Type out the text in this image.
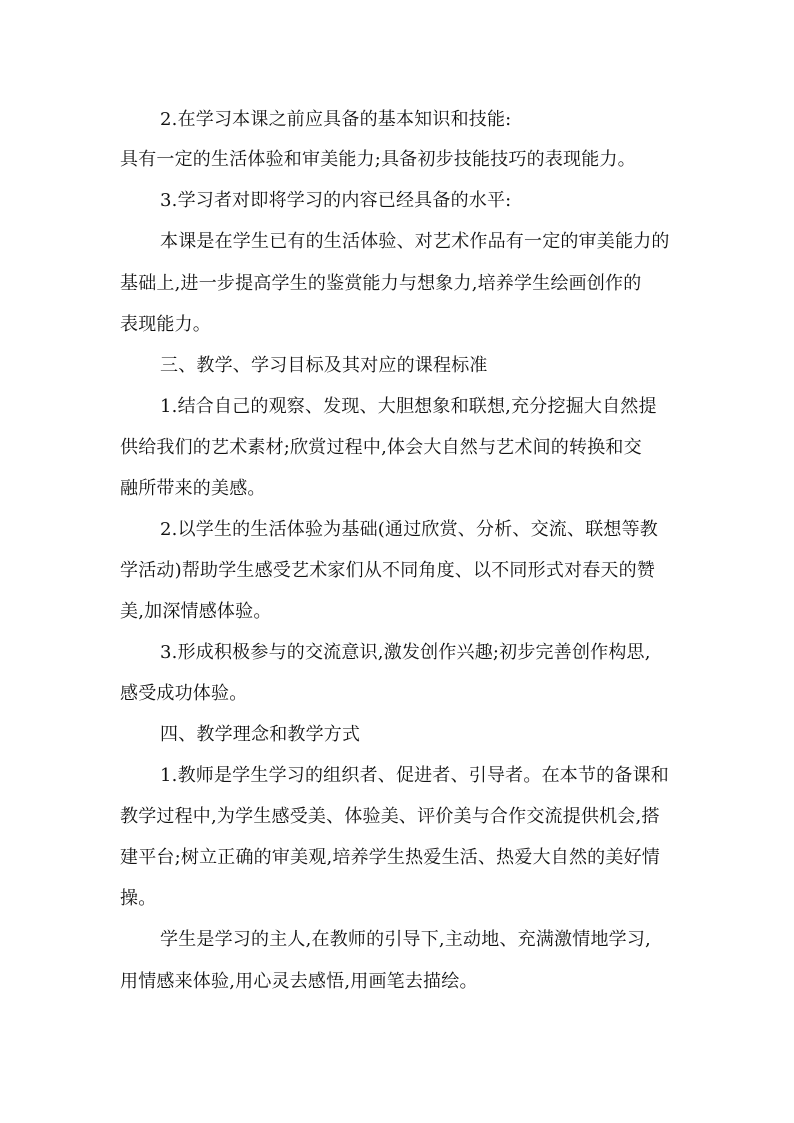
2.在学习本课之前应具备的基本知识和技能:
具有一定的生活体验和审美能力;具备初步技能技巧的表现能力。
3.学习者对即将学习的内容已经具备的水平:
本课是在学生已有的生活体验、对艺术作品有一定的审美能力的
基础上,进一步提高学生的鉴赏能力与想象力,培养学生绘画创作的
表现能力。
三、教学、学习目标及其对应的课程标准
1.结合自己的观察、发现、大胆想象和联想,充分挖掘大自然提
供给我们的艺术素材;欣赏过程中,体会大自然与艺术间的转换和交
融所带来的美感。
2.以学生的生活体验为基础(通过欣赏、分析、交流、联想等教
学活动)帮助学生感受艺术家们从不同角度、以不同形式对春天的赞
美,加深情感体验。
3.形成积极参与的交流意识,激发创作兴趣;初步完善创作构思,
感受成功体验。
四、教学理念和教学方式
1.教师是学生学习的组织者、促进者、引导者。在本节的备课和
教学过程中,为学生感受美、体验美、评价美与合作交流提供机会,搭
建平台;树立正确的审美观,培养学生热爱生活、热爱大自然的美好情
操。
学生是学习的主人,在教师的引导下,主动地、充满激情地学习,
用情感来体验,用心灵去感悟,用画笔去描绘。
